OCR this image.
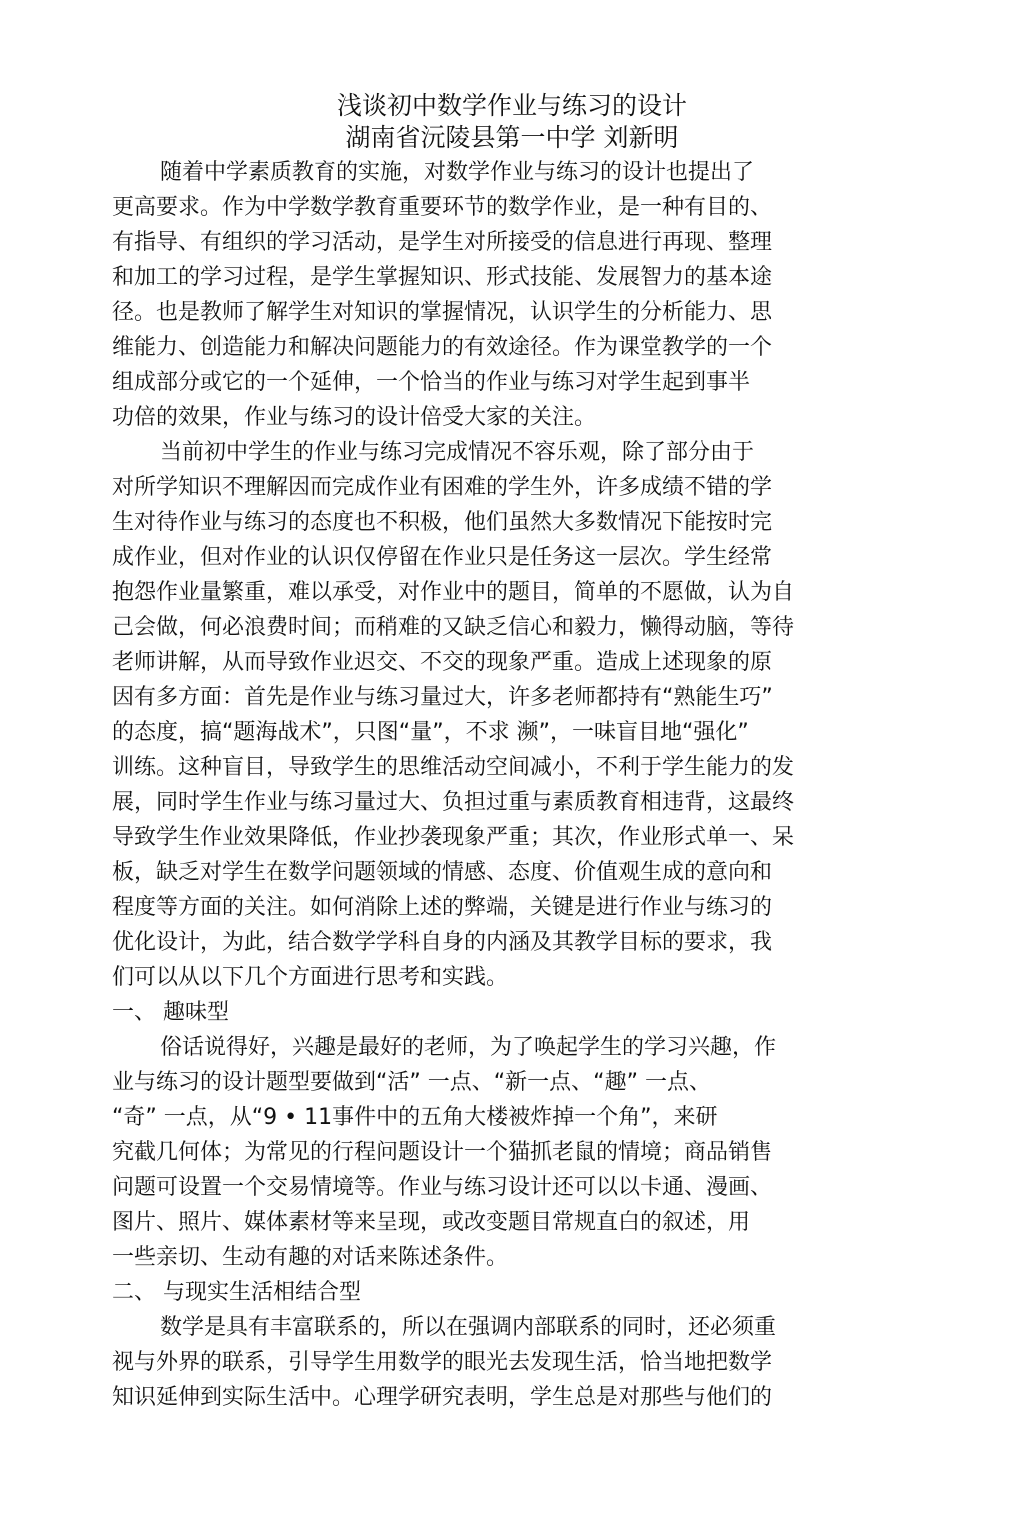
浅谈初中数学作业与练习的设计
湖南省沅陵县第一中学 刘新明
随着中学素质教育的实施，对数学作业与练习的设计也提出了
更高要求。作为中学数学教育重要环节的数学作业，是一种有目的、
有指导、有组织的学习活动，是学生对所接受的信息进行再现、整理
和加工的学习过程，是学生掌握知识、形式技能、发展智力的基本途
径。也是教师了解学生对知识的掌握情况，认识学生的分析能力、思
维能力、创造能力和解决问题能力的有效途径。作为课堂教学的一个
组成部分或它的一个延伸，一个恰当的作业与练习对学生起到事半
功倍的效果，作业与练习的设计倍受大家的关注。
当前初中学生的作业与练习完成情况不容乐观，除了部分由于
对所学知识不理解因而完成作业有困难的学生外，许多成绩不错的学
生对待作业与练习的态度也不积极，他们虽然大多数情况下能按时完
成作业，但对作业的认识仅停留在作业只是任务这一层次。学生经常
抱怨作业量繁重，难以承受，对作业中的题目，简单的不愿做，认为自
己会做，何必浪费时间；而稍难的又缺乏信心和毅力，懒得动脑，等待
老师讲解，从而导致作业迟交、不交的现象严重。造成上述现象的原
因有多方面：首先是作业与练习量过大，许多老师都持有“熟能生巧”
的态度，搞“题海战术”，只图“量”，不求 濒”，一味盲目地“强化”
训练。这种盲目，导致学生的思维活动空间减小，不利于学生能力的发
展，同时学生作业与练习量过大、负担过重与素质教育相违背，这最终
导致学生作业效果降低，作业抄袭现象严重；其次，作业形式单一、呆
板，缺乏对学生在数学问题领域的情感、态度、价值观生成的意向和
程度等方面的关注。如何消除上述的弊端，关键是进行作业与练习的
优化设计，为此，结合数学学科自身的内涵及其教学目标的要求，我
们可以从以下几个方面进行思考和实践。
一、 趣味型
俗话说得好，兴趣是最好的老师，为了唤起学生的学习兴趣，作
业与练习的设计题型要做到“活” 一点、“新一点、“趣” 一点、
“奇” 一点，从“9 • 11事件中的五角大楼被炸掉一个角”，来研
究截几何体；为常见的行程问题设计一个猫抓老鼠的情境；商品销售
问题可设置一个交易情境等。作业与练习设计还可以以卡通、漫画、
图片、照片、媒体素材等来呈现，或改变题目常规直白的叙述，用
一些亲切、生动有趣的对话来陈述条件。
二、 与现实生活相结合型
数学是具有丰富联系的，所以在强调内部联系的同时，还必须重
视与外界的联系，引导学生用数学的眼光去发现生活，恰当地把数学
知识延伸到实际生活中。心理学研究表明，学生总是对那些与他们的
